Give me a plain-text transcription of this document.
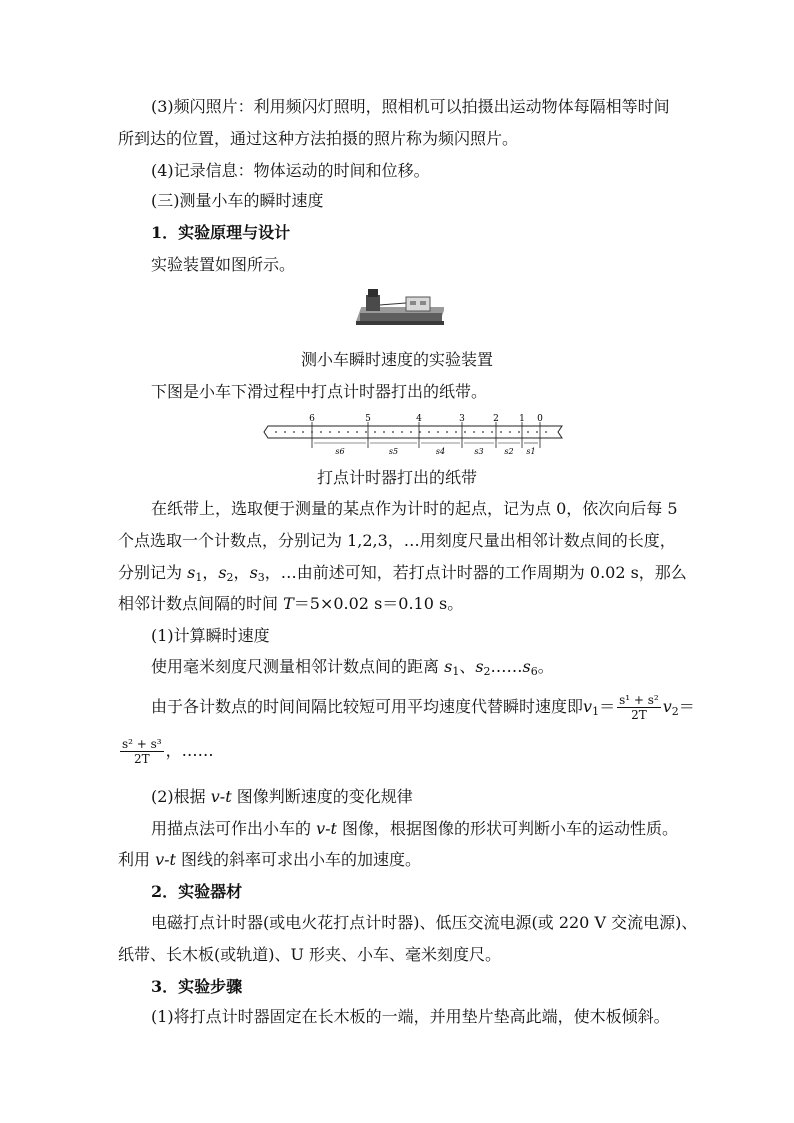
(3)频闪照片：利用频闪灯照明，照相机可以拍摄出运动物体每隔相等时间
所到达的位置，通过这种方法拍摄的照片称为频闪照片。
(4)记录信息：物体运动的时间和位移。
(三)测量小车的瞬时速度
1．实验原理与设计
实验装置如图所示。
测小车瞬时速度的实验装置
下图是小车下滑过程中打点计时器打出的纸带。
6	5	4	3	2 1 0
s6	s5	s4	s3	s2 s1
打点计时器打出的纸带
在纸带上，选取便于测量的某点作为计时的起点，记为点 0，依次向后每 5
个点选取一个计数点，分别记为 1,2,3，…用刻度尺量出相邻计数点间的长度，
分别记为 $s_1$，$s_2$，$s_3$，…由前述可知，若打点计时器的工作周期为 0.02 s，那么
相邻计数点间隔的时间 T＝5×0.02 s＝0.10 s。
(1)计算瞬时速度
使用毫米刻度尺测量相邻计数点间的距离 $s_1$、$s_2\dots\dots s_6$。
由于各计数点的时间间隔比较短可用平均速度代替瞬时速度即$v_1= \frac{\text{s¹ + s²}}{2T} v_2=$
$\frac{\text{s² + s³}}{2T}$ ，……
(2)根据 v-t 图像判断速度的变化规律
用描点法可作出小车的 v-t 图像，根据图像的形状可判断小车的运动性质。
利用 v-t 图线的斜率可求出小车的加速度。
2．实验器材
电磁打点计时器(或电火花打点计时器)、低压交流电源(或 220 V 交流电源)、
纸带、长木板(或轨道)、U 形夹、小车、毫米刻度尺。
3．实验步骤
(1)将打点计时器固定在长木板的一端，并用垫片垫高此端，使木板倾斜。
